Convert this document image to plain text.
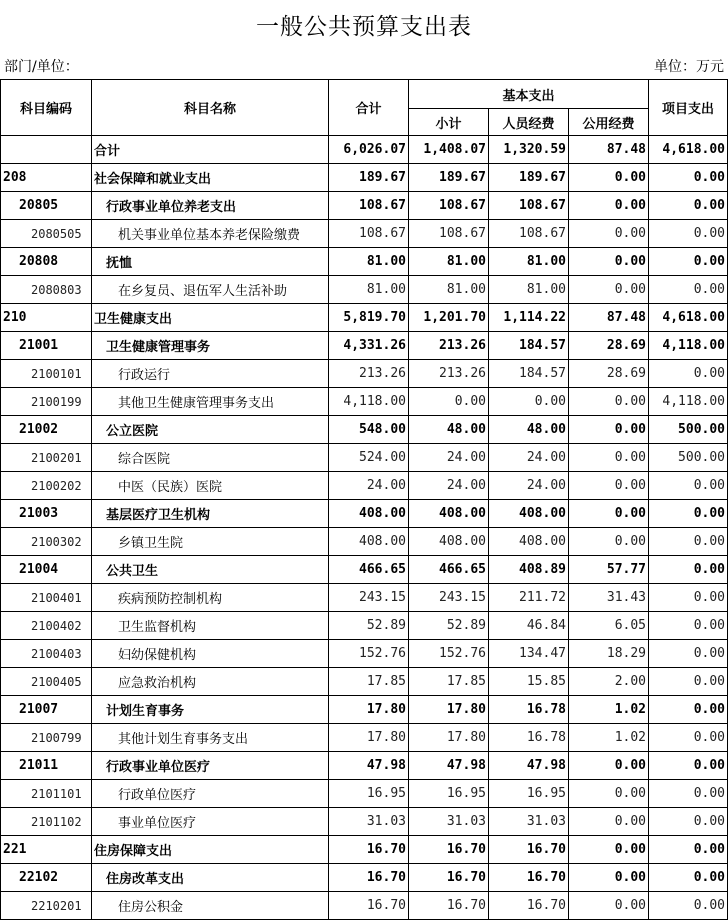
一般公共预算支出表
部门/单位：	单位：万元
科目编码	科目名称	合计	基本支出			项目支出
			小计	人员经费	公用经费	
	合计	6,026.07	1,408.07	1,320.59	87.48	4,618.00
208	社会保障和就业支出	189.67	189.67	189.67	0.00	0.00
20805	行政事业单位养老支出	108.67	108.67	108.67	0.00	0.00
2080505	机关事业单位基本养老保险缴费	108.67	108.67	108.67	0.00	0.00
20808	抚恤	81.00	81.00	81.00	0.00	0.00
2080803	在乡复员、退伍军人生活补助	81.00	81.00	81.00	0.00	0.00
210	卫生健康支出	5,819.70	1,201.70	1,114.22	87.48	4,618.00
21001	卫生健康管理事务	4,331.26	213.26	184.57	28.69	4,118.00
2100101	行政运行	213.26	213.26	184.57	28.69	0.00
2100199	其他卫生健康管理事务支出	4,118.00	0.00	0.00	0.00	4,118.00
21002	公立医院	548.00	48.00	48.00	0.00	500.00
2100201	综合医院	524.00	24.00	24.00	0.00	500.00
2100202	中医（民族）医院	24.00	24.00	24.00	0.00	0.00
21003	基层医疗卫生机构	408.00	408.00	408.00	0.00	0.00
2100302	乡镇卫生院	408.00	408.00	408.00	0.00	0.00
21004	公共卫生	466.65	466.65	408.89	57.77	0.00
2100401	疾病预防控制机构	243.15	243.15	211.72	31.43	0.00
2100402	卫生监督机构	52.89	52.89	46.84	6.05	0.00
2100403	妇幼保健机构	152.76	152.76	134.47	18.29	0.00
2100405	应急救治机构	17.85	17.85	15.85	2.00	0.00
21007	计划生育事务	17.80	17.80	16.78	1.02	0.00
2100799	其他计划生育事务支出	17.80	17.80	16.78	1.02	0.00
21011	行政事业单位医疗	47.98	47.98	47.98	0.00	0.00
2101101	行政单位医疗	16.95	16.95	16.95	0.00	0.00
2101102	事业单位医疗	31.03	31.03	31.03	0.00	0.00
221	住房保障支出	16.70	16.70	16.70	0.00	0.00
22102	住房改革支出	16.70	16.70	16.70	0.00	0.00
2210201	住房公积金	16.70	16.70	16.70	0.00	0.00
